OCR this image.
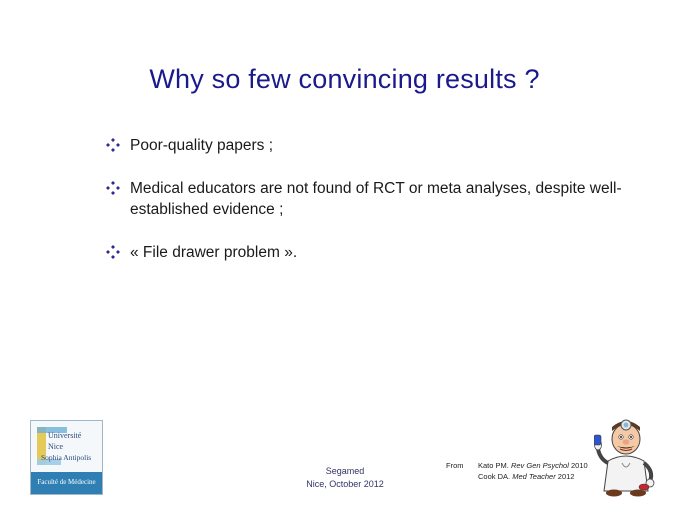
Why so few convincing results ?
Poor-quality papers ;
Medical educators are not found of RCT or meta analyses, despite well-established evidence ;
« File drawer problem ».
Université
Nice
Sophia Antipolis
Faculté de Médecine
Segamed
Nice, October 2012
From Kato PM. Rev Gen Psychol 2010
Cook DA. Med Teacher 2012
